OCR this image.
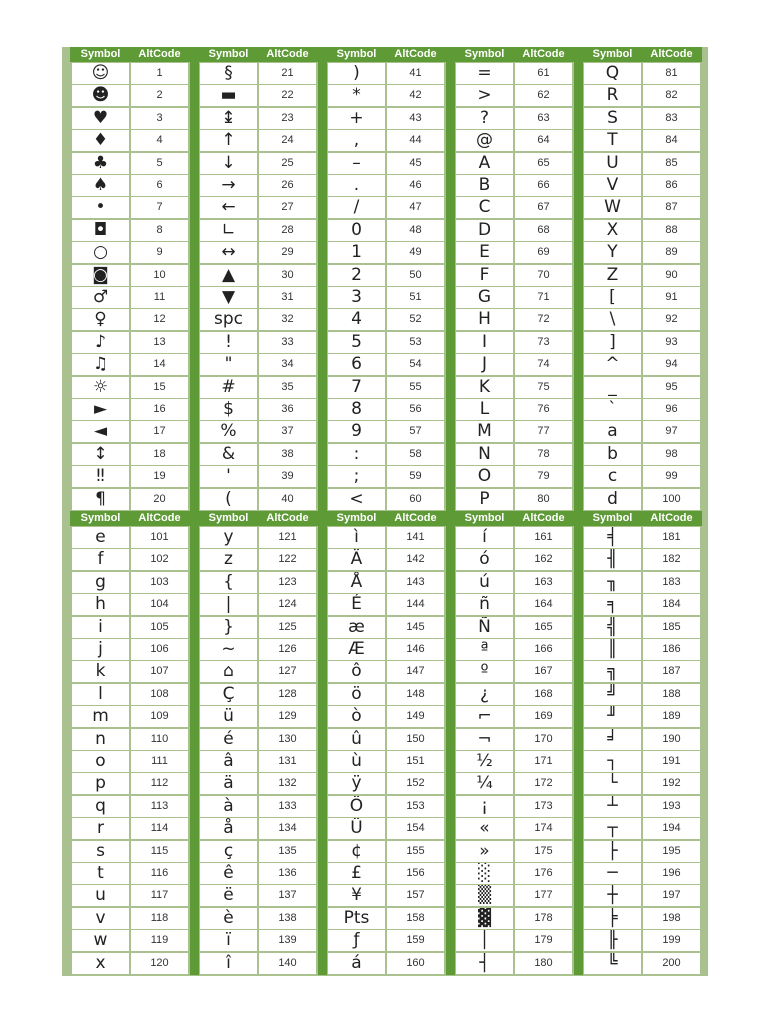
Symbol	AltCode
☺	1
☻	2
♥	3
♦	4
♣	5
♠	6
•	7
◘	8
○	9
◙	10
♂	11
♀	12
♪	13
♫	14
☼	15
►	16
◄	17
↕	18
‼	19
¶	20
Symbol	AltCode
§	21
▬	22
↨	23
↑	24
↓	25
→	26
←	27
∟	28
↔	29
▲	30
▼	31
spc	32
!	33
"	34
#	35
$	36
%	37
&	38
'	39
(	40
Symbol	AltCode
)	41
*	42
+	43
,	44
–	45
.	46
/	47
0	48
1	49
2	50
3	51
4	52
5	53
6	54
7	55
8	56
9	57
:	58
;	59
<	60
Symbol	AltCode
=	61
>	62
?	63
@	64
A	65
B	66
C	67
D	68
E	69
F	70
G	71
H	72
I	73
J	74
K	75
L	76
M	77
N	78
O	79
P	80
Symbol	AltCode
Q	81
R	82
S	83
T	84
U	85
V	86
W	87
X	88
Y	89
Z	90
[	91
\	92
]	93
^	94
_	95
`	96
a	97
b	98
c	99
d	100
Symbol	AltCode
e	101
f	102
g	103
h	104
i	105
j	106
k	107
l	108
m	109
n	110
o	111
p	112
q	113
r	114
s	115
t	116
u	117
v	118
w	119
x	120
Symbol	AltCode
y	121
z	122
{	123
|	124
}	125
~	126
⌂	127
Ç	128
ü	129
é	130
â	131
ä	132
à	133
å	134
ç	135
ê	136
ë	137
è	138
ï	139
î	140
Symbol	AltCode
ì	141
Ä	142
Å	143
É	144
æ	145
Æ	146
ô	147
ö	148
ò	149
û	150
ù	151
ÿ	152
Ö	153
Ü	154
¢	155
£	156
¥	157
Pts	158
ƒ	159
á	160
Symbol	AltCode
í	161
ó	162
ú	163
ñ	164
Ñ	165
ª	166
º	167
¿	168
⌐	169
¬	170
½	171
¼	172
¡	173
«	174
»	175
░	176
▒	177
▓	178
│	179
┤	180
Symbol	AltCode
╡	181
╢	182
╖	183
╕	184
╣	185
║	186
╗	187
╝	188
╜	189
╛	190
┐	191
└	192
┴	193
┬	194
├	195
─	196
┼	197
╞	198
╟	199
╚	200
